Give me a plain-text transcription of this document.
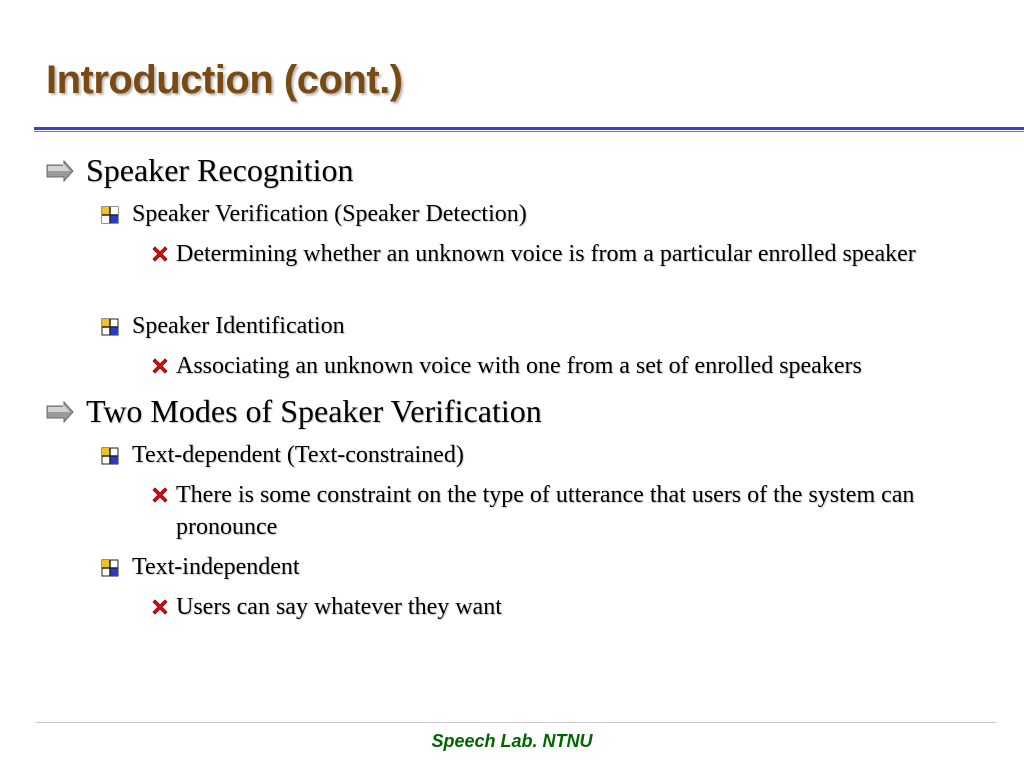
Introduction (cont.)
Speaker Recognition
Speaker Verification (Speaker Detection)
Determining whether an unknown voice is from a particular enrolled speaker
Speaker Identification
Associating an unknown voice with one from a set of enrolled speakers
Two Modes of Speaker Verification
Text-dependent (Text-constrained)
There is some constraint on the type of utterance that users of the system can pronounce
Text-independent
Users can say whatever they want
Speech Lab. NTNU
